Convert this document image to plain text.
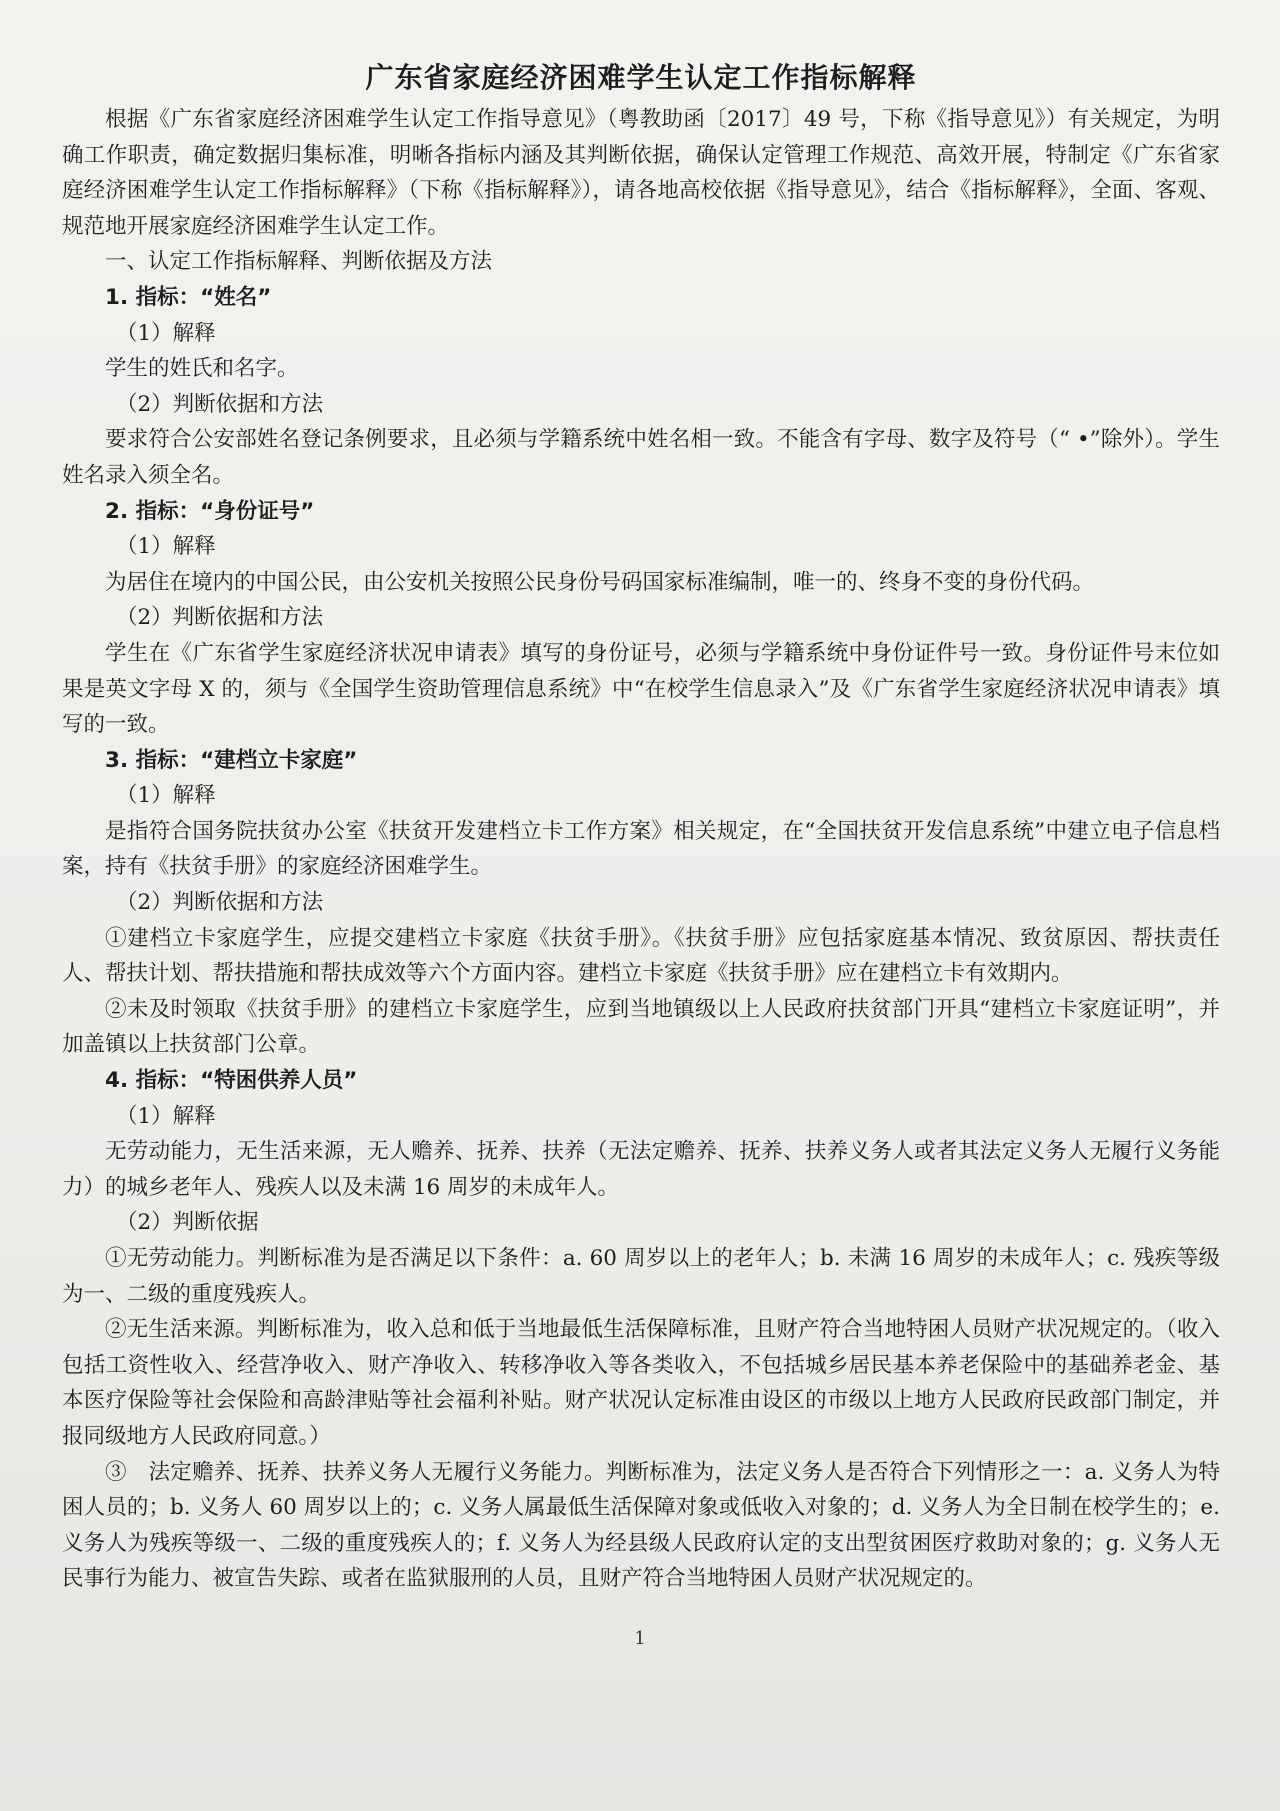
广东省家庭经济困难学生认定工作指标解释

根据《广东省家庭经济困难学生认定工作指导意见》（粤教助函〔2017〕49 号，下称《指导意见》）有关规定，为明确工作职责，确定数据归集标准，明晰各指标内涵及其判断依据，确保认定管理工作规范、高效开展，特制定《广东省家庭经济困难学生认定工作指标解释》（下称《指标解释》），请各地高校依据《指导意见》，结合《指标解释》，全面、客观、规范地开展家庭经济困难学生认定工作。

一、认定工作指标解释、判断依据及方法

1. 指标：“姓名”

（1）解释

学生的姓氏和名字。

（2）判断依据和方法

要求符合公安部姓名登记条例要求，且必须与学籍系统中姓名相一致。不能含有字母、数字及符号（“ •”除外）。学生姓名录入须全名。

2. 指标：“身份证号”

（1）解释

为居住在境内的中国公民，由公安机关按照公民身份号码国家标准编制，唯一的、终身不变的身份代码。

（2）判断依据和方法

学生在《广东省学生家庭经济状况申请表》填写的身份证号，必须与学籍系统中身份证件号一致。身份证件号末位如果是英文字母 X 的，须与《全国学生资助管理信息系统》中“在校学生信息录入”及《广东省学生家庭经济状况申请表》填写的一致。

3. 指标：“建档立卡家庭”

（1）解释

是指符合国务院扶贫办公室《扶贫开发建档立卡工作方案》相关规定，在“全国扶贫开发信息系统”中建立电子信息档案，持有《扶贫手册》的家庭经济困难学生。

（2）判断依据和方法

①建档立卡家庭学生，应提交建档立卡家庭《扶贫手册》。《扶贫手册》应包括家庭基本情况、致贫原因、帮扶责任人、帮扶计划、帮扶措施和帮扶成效等六个方面内容。建档立卡家庭《扶贫手册》应在建档立卡有效期内。

②未及时领取《扶贫手册》的建档立卡家庭学生，应到当地镇级以上人民政府扶贫部门开具“建档立卡家庭证明”，并加盖镇以上扶贫部门公章。

4. 指标：“特困供养人员”

（1）解释

无劳动能力，无生活来源，无人赡养、抚养、扶养（无法定赡养、抚养、扶养义务人或者其法定义务人无履行义务能力）的城乡老年人、残疾人以及未满 16 周岁的未成年人。

（2）判断依据

①无劳动能力。判断标准为是否满足以下条件：a. 60 周岁以上的老年人；b. 未满 16 周岁的未成年人；c. 残疾等级为一、二级的重度残疾人。

②无生活来源。判断标准为，收入总和低于当地最低生活保障标准，且财产符合当地特困人员财产状况规定的。（收入包括工资性收入、经营净收入、财产净收入、转移净收入等各类收入，不包括城乡居民基本养老保险中的基础养老金、基本医疗保险等社会保险和高龄津贴等社会福利补贴。财产状况认定标准由设区的市级以上地方人民政府民政部门制定，并报同级地方人民政府同意。）

③　法定赡养、抚养、扶养义务人无履行义务能力。判断标准为，法定义务人是否符合下列情形之一：a. 义务人为特困人员的；b. 义务人 60 周岁以上的；c. 义务人属最低生活保障对象或低收入对象的；d. 义务人为全日制在校学生的；e. 义务人为残疾等级一、二级的重度残疾人的；f. 义务人为经县级人民政府认定的支出型贫困医疗救助对象的；g. 义务人无民事行为能力、被宣告失踪、或者在监狱服刑的人员，且财产符合当地特困人员财产状况规定的。

1
